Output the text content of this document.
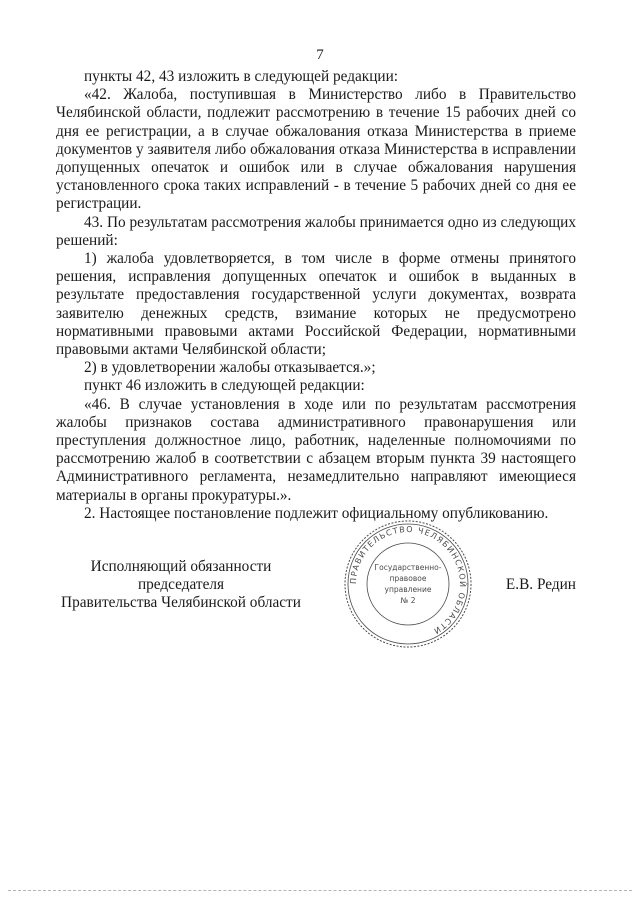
7

пункты 42, 43 изложить в следующей редакции:

«42. Жалоба, поступившая в Министерство либо в Правительство Челябинской области, подлежит рассмотрению в течение 15 рабочих дней со дня ее регистрации, а в случае обжалования отказа Министерства в приеме документов у заявителя либо обжалования отказа Министерства в исправлении допущенных опечаток и ошибок или в случае обжалования нарушения установленного срока таких исправлений - в течение 5 рабочих дней со дня ее регистрации.

43. По результатам рассмотрения жалобы принимается одно из следующих решений:

1) жалоба удовлетворяется, в том числе в форме отмены принятого решения, исправления допущенных опечаток и ошибок в выданных в результате предоставления государственной услуги документах, возврата заявителю денежных средств, взимание которых не предусмотрено нормативными правовыми актами Российской Федерации, нормативными правовыми актами Челябинской области;

2) в удовлетворении жалобы отказывается.»;

пункт 46 изложить в следующей редакции:

«46. В случае установления в ходе или по результатам рассмотрения жалобы признаков состава административного правонарушения или преступления должностное лицо, работник, наделенные полномочиями по рассмотрению жалоб в соответствии с абзацем вторым пункта 39 настоящего Административного регламента, незамедлительно направляют имеющиеся материалы в органы прокуратуры.».

2. Настоящее постановление подлежит официальному опубликованию.

Исполняющий обязанности председателя
Правительства Челябинской области
ПРАВИТЕЛЬСТВО ЧЕЛЯБИНСКОЙ ОБЛАСТИ
Государственно-
правовое
управление
№ 2
Е.В. Редин
